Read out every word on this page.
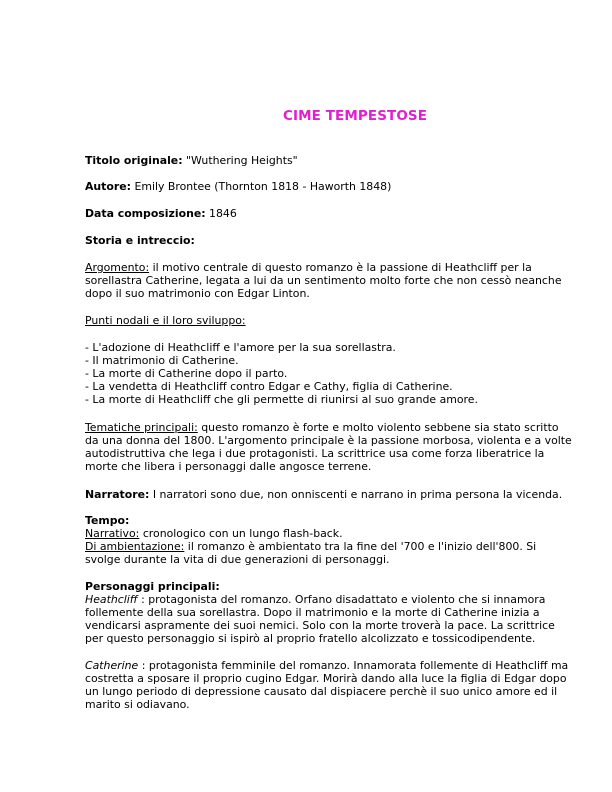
CIME TEMPESTOSE

Titolo originale: "Wuthering Heights"

Autore: Emily Brontee (Thornton 1818 - Haworth 1848)

Data composizione: 1846

Storia e intreccio:

Argomento: il motivo centrale di questo romanzo è la passione di Heathcliff per la sorellastra Catherine, legata a lui da un sentimento molto forte che non cessò neanche dopo il suo matrimonio con Edgar Linton.

Punti nodali e il loro sviluppo:

- L'adozione di Heathcliff e l'amore per la sua sorellastra.

- Il matrimonio di Catherine.

- La morte di Catherine dopo il parto.

- La vendetta di Heathcliff contro Edgar e Cathy, figlia di Catherine.

- La morte di Heathcliff che gli permette di riunirsi al suo grande amore.

Tematiche principali: questo romanzo è forte e molto violento sebbene sia stato scritto da una donna del 1800. L'argomento principale è la passione morbosa, violenta e a volte autodistruttiva che lega i due protagonisti. La scrittrice usa come forza liberatrice la morte che libera i personaggi dalle angosce terrene.

Narratore: I narratori sono due, non onniscenti e narrano in prima persona la vicenda.

Tempo:

Narrativo: cronologico con un lungo flash-back.

Di ambientazione: il romanzo è ambientato tra la fine del '700 e l'inizio dell'800. Si svolge durante la vita di due generazioni di personaggi.

Personaggi principali:

Heathcliff : protagonista del romanzo. Orfano disadattato e violento che si innamora follemente della sua sorellastra. Dopo il matrimonio e la morte di Catherine inizia a vendicarsi aspramente dei suoi nemici. Solo con la morte troverà la pace. La scrittrice per questo personaggio si ispirò al proprio fratello alcolizzato e tossicodipendente.

Catherine : protagonista femminile del romanzo. Innamorata follemente di Heathcliff ma costretta a sposare il proprio cugino Edgar. Morirà dando alla luce la figlia di Edgar dopo un lungo periodo di depressione causato dal dispiacere perchè il suo unico amore ed il marito si odiavano.
